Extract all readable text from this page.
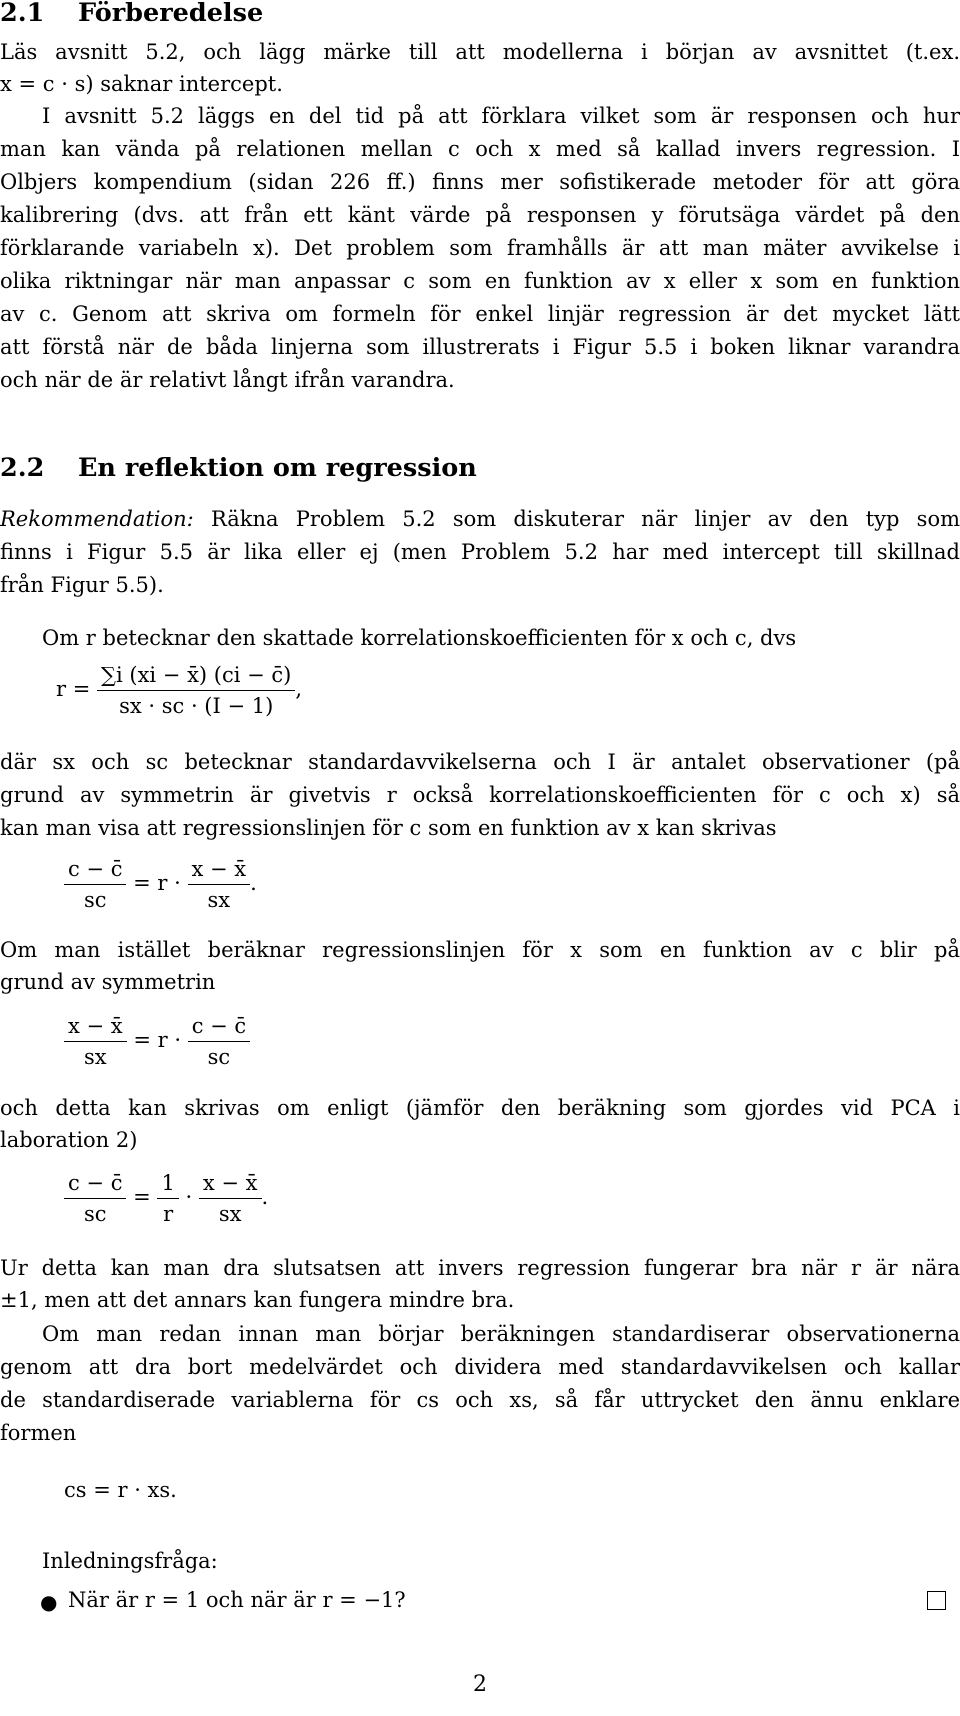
2.1 Förberedelse

Läs avsnitt 5.2, och lägg märke till att modellerna i början av avsnittet (t.ex.

x = c · s) saknar intercept.

I avsnitt 5.2 läggs en del tid på att förklara vilket som är responsen och hur
man kan vända på relationen mellan c och x med så kallad invers regression. I
Olbjers kompendium (sidan 226 ff.) finns mer sofistikerade metoder för att göra
kalibrering (dvs. att från ett känt värde på responsen y förutsäga värdet på den
förklarande variabeln x). Det problem som framhålls är att man mäter avvikelse i
olika riktningar när man anpassar c som en funktion av x eller x som en funktion
av c. Genom att skriva om formeln för enkel linjär regression är det mycket lätt
att förstå när de båda linjerna som illustrerats i Figur 5.5 i boken liknar varandra

och när de är relativt långt ifrån varandra.

2.2 En reflektion om regression

Rekommendation: Räkna Problem 5.2 som diskuterar när linjer av den typ som
finns i Figur 5.5 är lika eller ej (men Problem 5.2 har med intercept till skillnad

från Figur 5.5).

Om r betecknar den skattade korrelationskoefficienten för x och c, dvs

$r = \frac{\sum i (xi - x̄) (ci - c̄)}{sx \cdot sc \cdot (I - 1)}$ ,

där sx och sc betecknar standardavvikelserna och I är antalet observationer (på
grund av symmetrin är givetvis r också korrelationskoefficienten för c och x) så

kan man visa att regressionslinjen för c som en funktion av x kan skrivas

$\frac{c - c̄}{sc} = r \cdot \frac{x - x̄}{sx}$ .

Om man istället beräknar regressionslinjen för x som en funktion av c blir på

grund av symmetrin

$\frac{x - x̄}{sx} = r \cdot \frac{c - c̄}{sc}$

och detta kan skrivas om enligt (jämför den beräkning som gjordes vid PCA i

laboration 2)

$\frac{c - c̄}{sc} = \frac{1}{r} \cdot \frac{x - x̄}{sx}$ .

Ur detta kan man dra slutsatsen att invers regression fungerar bra när r är nära

±1, men att det annars kan fungera mindre bra.

Om man redan innan man börjar beräkningen standardiserar observationerna
genom att dra bort medelvärdet och dividera med standardavvikelsen och kallar
de standardiserade variablerna för cs och xs, så får uttrycket den ännu enklare

formen

cs = r · xs.

Inledningsfråga:

● När är r = 1 och när är r = −1?

2
